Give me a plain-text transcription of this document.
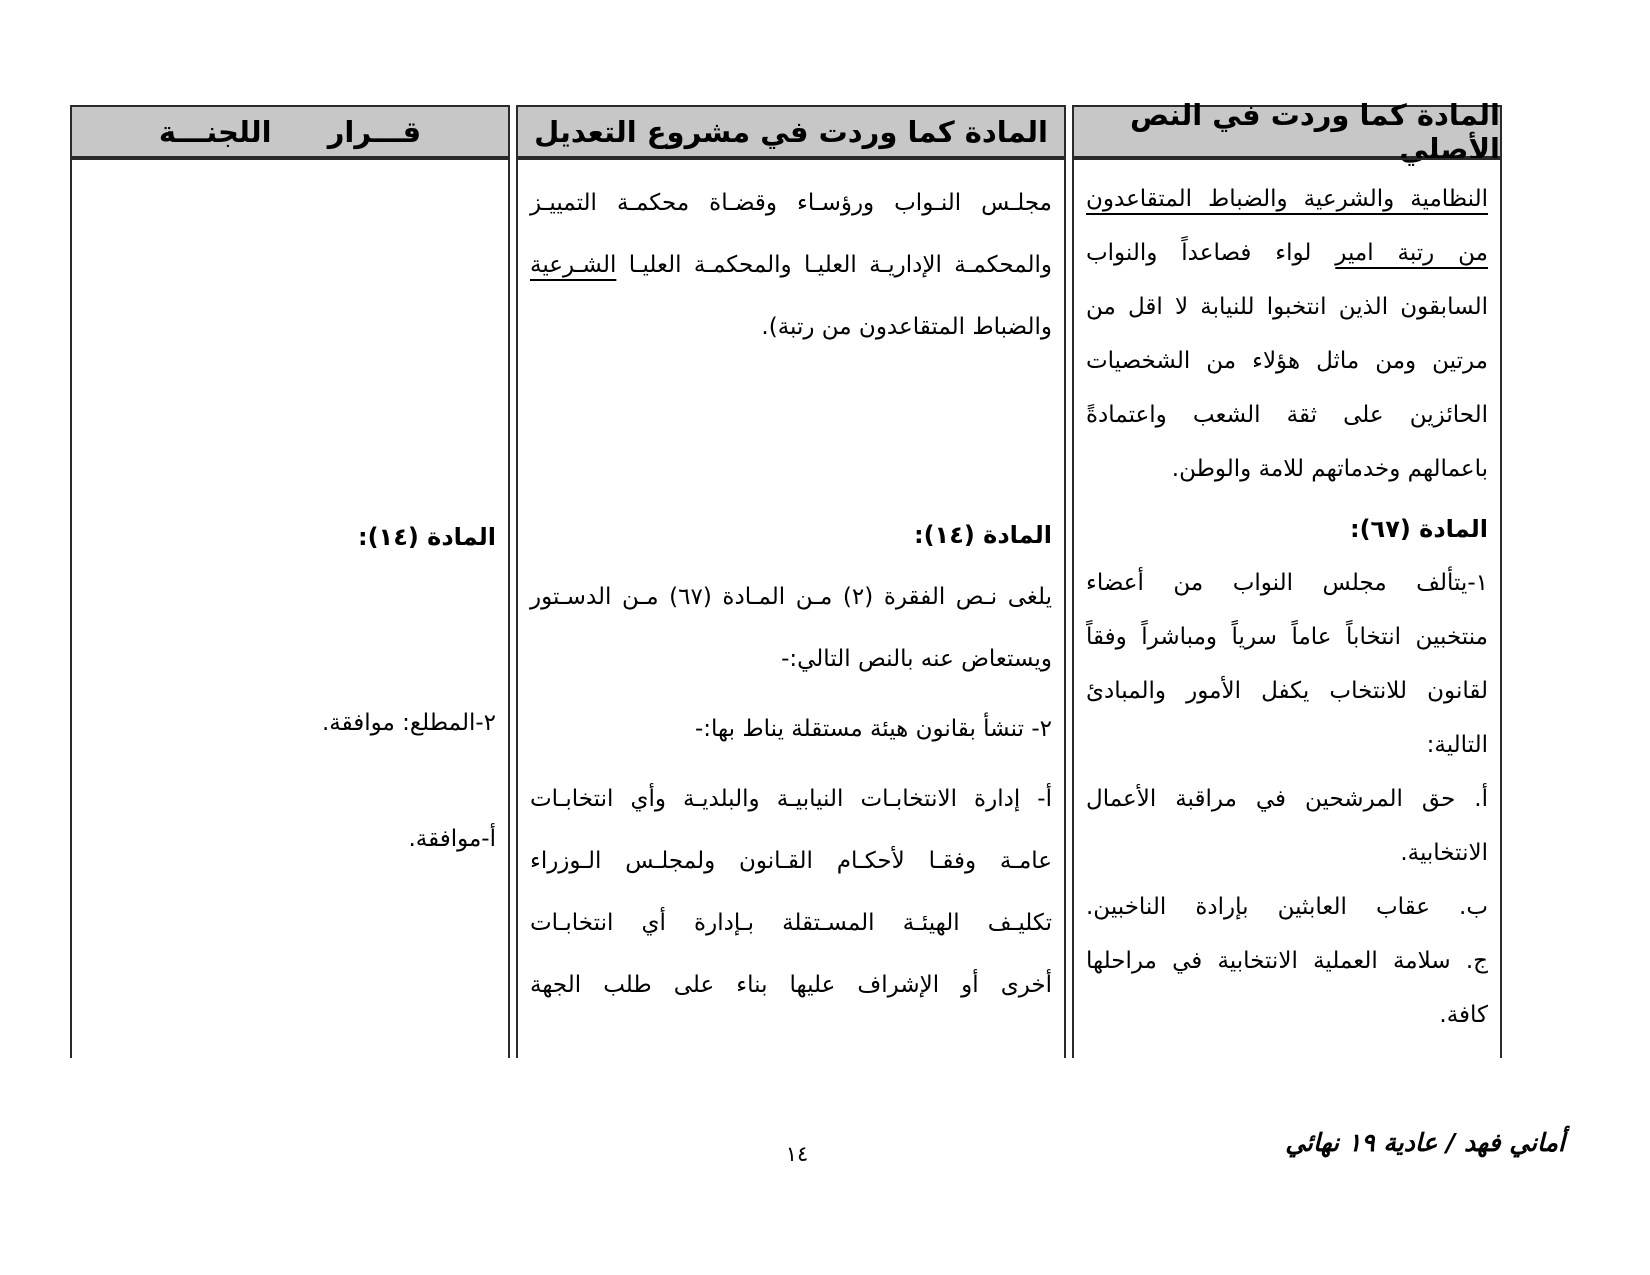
المادة كما وردت في النص الأصلي
المادة كما وردت في مشروع التعديل
قـــرار اللجنـــة
النظامية والشرعية والضباط المتقاعدون
من رتبة امير لواء فصاعداً والنواب
السابقون الذين انتخبوا للنيابة لا اقل من
مرتين ومن ماثل هؤلاء من الشخصيات
الحائزين على ثقة الشعب واعتمادةً
باعمالهم وخدماتهم للامة والوطن.
المادة (٦٧):
١-يتألف مجلس النواب من أعضاء
منتخبين انتخاباً عاماً سرياً ومباشراً وفقاً
لقانون للانتخاب يكفل الأمور والمبادئ
التالية:
أ. حق المرشحين في مراقبة الأعمال
الانتخابية.
ب. عقاب العابثين بإرادة الناخبين.
ج. سلامة العملية الانتخابية في مراحلها
كافة.
مجلـس النـواب ورؤسـاء وقضـاة محكمـة التمييـز
والمحكمـة الإداريـة العليـا والمحكمـة العليـا الشـرعية
والضباط المتقاعدون من رتبة).
المادة (١٤):
يلغى نـص الفقرة (٢) مـن المـادة (٦٧) مـن الدسـتور
ويستعاض عنه بالنص التالي:-
٢- تنشأ بقانون هيئة مستقلة يناط بها:-
أ- إدارة الانتخابـات النيابيـة والبلديـة وأي انتخابـات
عامـة وفقـا لأحكـام القـانون ولمجلـس الـوزراء
تكليـف الهيئـة المسـتقلة بـإدارة أي انتخابـات
أخرى أو الإشراف عليها بناء على طلب الجهة
المادة (١٤):
٢-المطلع: موافقة.
أ-موافقة.
١٤	أماني فهد / عادية ١٩ نهائي
